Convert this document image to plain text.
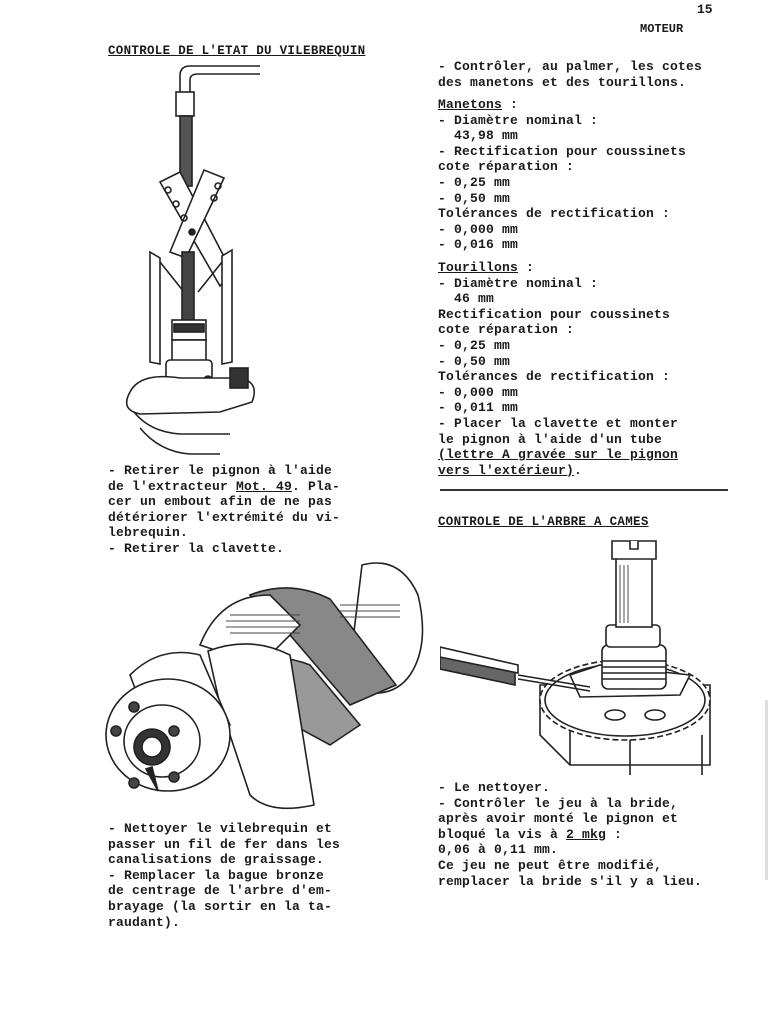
15
MOTEUR
CONTROLE DE L'ETAT DU VILEBREQUIN
- Retirer le pignon à l'aide
de l'extracteur Mot. 49. Pla-
cer un embout afin de ne pas
détériorer l'extrémité du vi-
lebrequin.
- Retirer la clavette.
- Nettoyer le vilebrequin et
passer un fil de fer dans les
canalisations de graissage.
- Remplacer la bague bronze
de centrage de l'arbre d'em-
brayage (la sortir en la ta-
raudant).
- Contrôler, au palmer, les cotes
des manetons et des tourillons.
Manetons :
- Diamètre nominal :
43,98 mm
- Rectification pour coussinets
cote réparation :
- 0,25 mm
- 0,50 mm
Tolérances de rectification :
- 0,000 mm
- 0,016 mm
Tourillons :
- Diamètre nominal :
46 mm
Rectification pour coussinets
cote réparation :
- 0,25 mm
- 0,50 mm
Tolérances de rectification :
- 0,000 mm
- 0,011 mm
- Placer la clavette et monter
le pignon à l'aide d'un tube
(lettre A gravée sur le pignon
vers l'extérieur).
CONTROLE DE L'ARBRE A CAMES
- Le nettoyer.
- Contrôler le jeu à la bride,
après avoir monté le pignon et
bloqué la vis à 2 mkg :
0,06 à 0,11 mm.
Ce jeu ne peut être modifié,
remplacer la bride s'il y a lieu.
